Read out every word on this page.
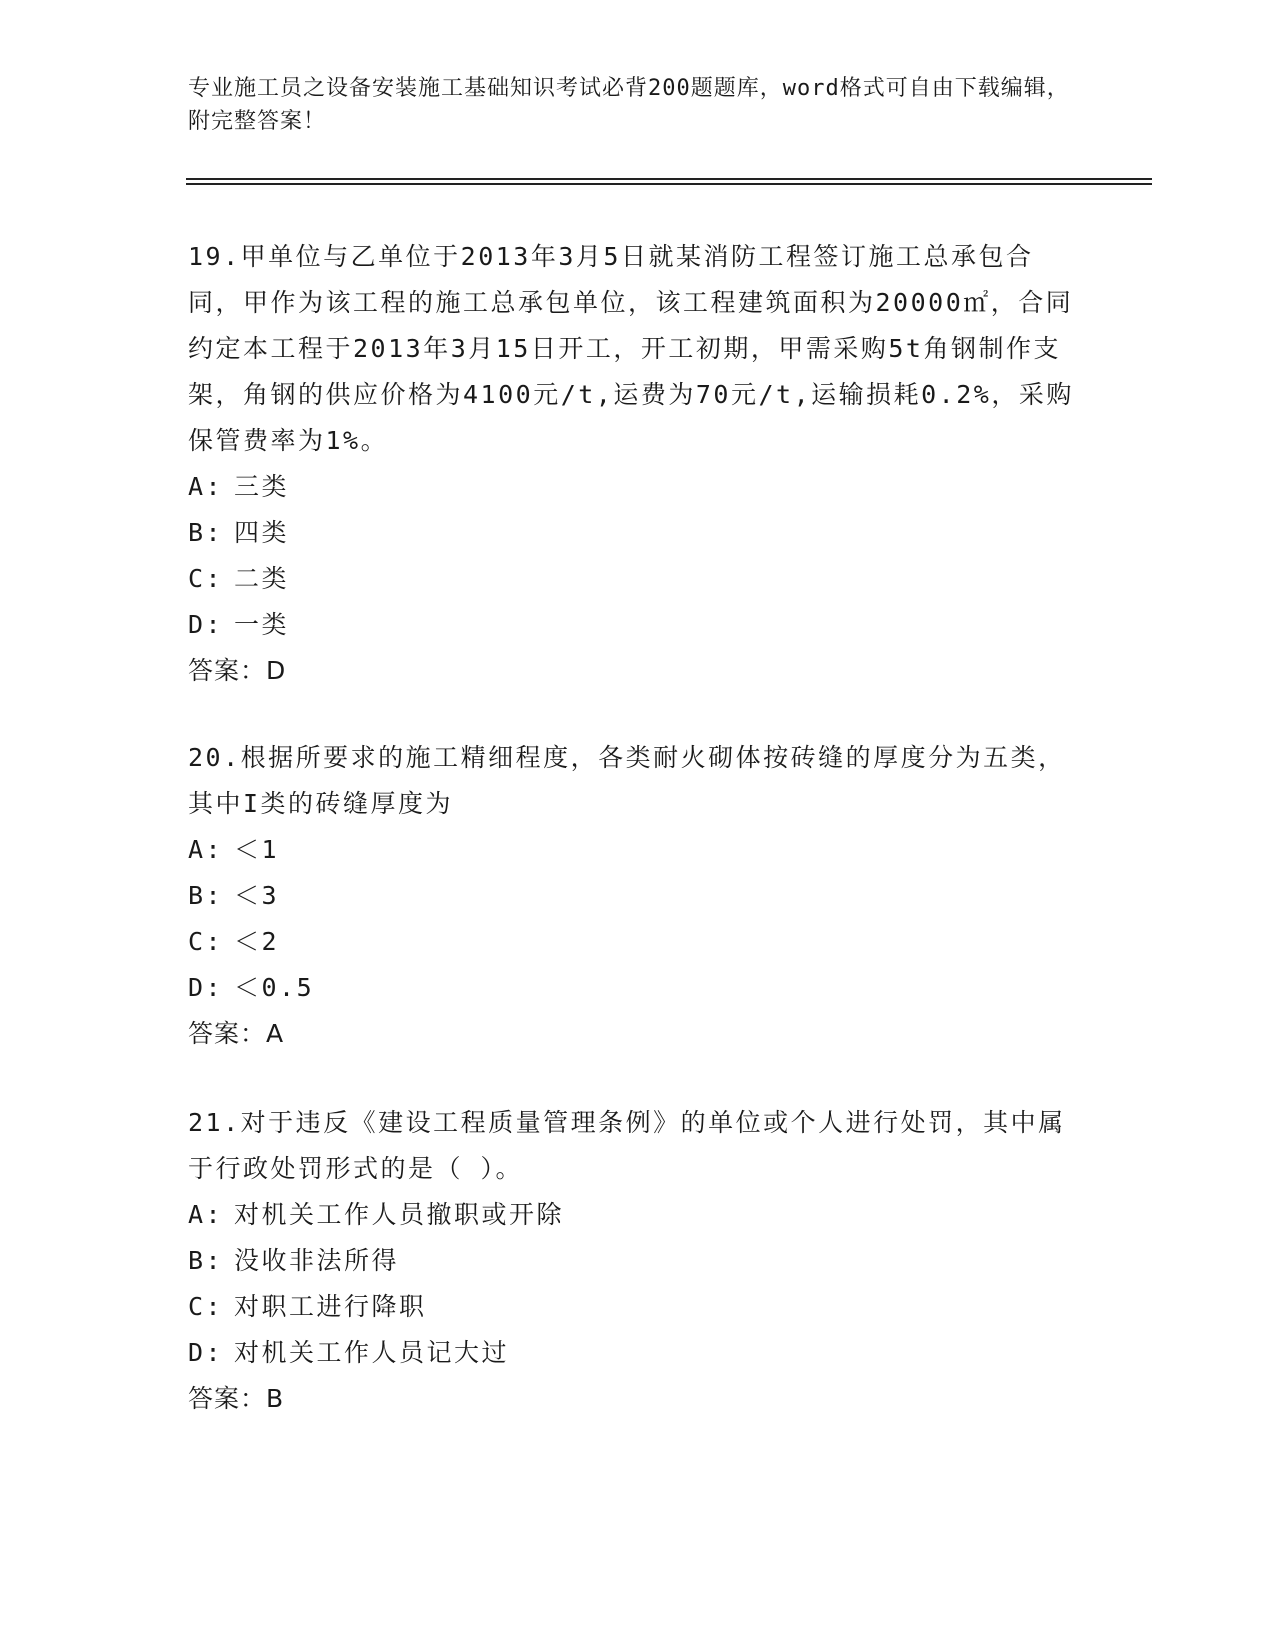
专业施工员之设备安装施工基础知识考试必背200题题库，word格式可自由下载编辑，附完整答案！

19.甲单位与乙单位于2013年3月5日就某消防工程签订施工总承包合同，甲作为该工程的施工总承包单位，该工程建筑面积为20000㎡，合同约定本工程于2013年3月15日开工，开工初期，甲需采购5t角钢制作支架，角钢的供应价格为4100元/t,运费为70元/t,运输损耗0.2%，采购保管费率为1%。

A: 三类
B: 四类
C: 二类
D: 一类
答案：D

20.根据所要求的施工精细程度，各类耐火砌体按砖缝的厚度分为五类，其中I类的砖缝厚度为

A: ＜1
B: ＜3
C: ＜2
D: ＜0.5
答案：A

21.对于违反《建设工程质量管理条例》的单位或个人进行处罚，其中属于行政处罚形式的是（ ）。

A: 对机关工作人员撤职或开除
B: 没收非法所得
C: 对职工进行降职
D: 对机关工作人员记大过
答案：B
